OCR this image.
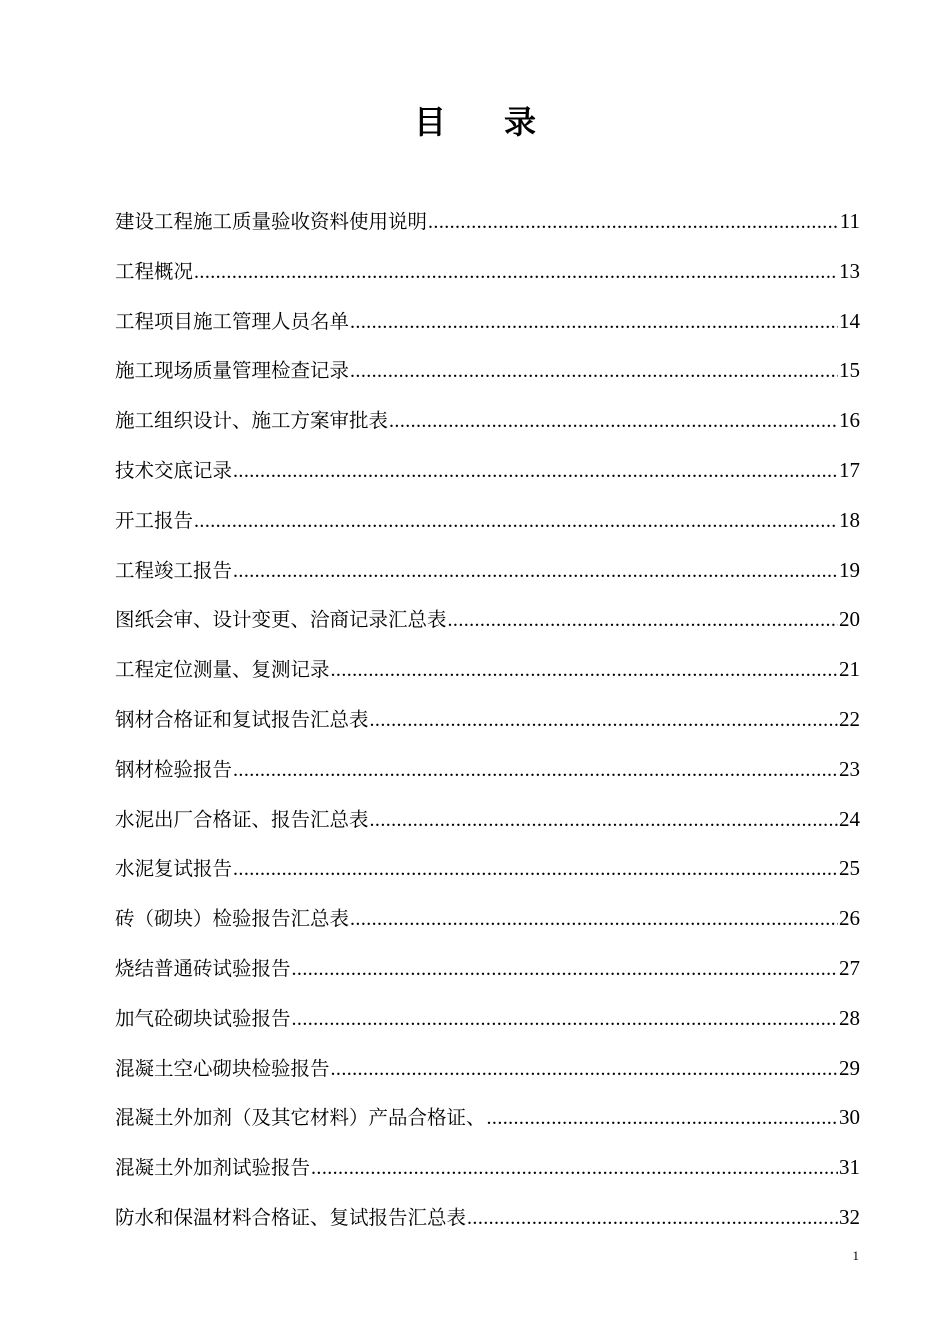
目 录
建设工程施工质量验收资料使用说明 .....	11
工程概况 .....	13
工程项目施工管理人员名单 .....	14
施工现场质量管理检查记录 .....	15
施工组织设计、施工方案审批表 .....	16
技术交底记录 .....	17
开工报告 .....	18
工程竣工报告 .....	19
图纸会审、设计变更、洽商记录汇总表 .....	20
工程定位测量、复测记录 .....	21
钢材合格证和复试报告汇总表 .....	22
钢材检验报告 .....	23
水泥出厂合格证、报告汇总表 .....	24
水泥复试报告 .....	25
砖（砌块）检验报告汇总表 .....	26
烧结普通砖试验报告 .....	27
加气砼砌块试验报告 .....	28
混凝土空心砌块检验报告 .....	29
混凝土外加剂（及其它材料）产品合格证、 .....	30
混凝土外加剂试验报告 .....	31
防水和保温材料合格证、复试报告汇总表 .....	32
1
